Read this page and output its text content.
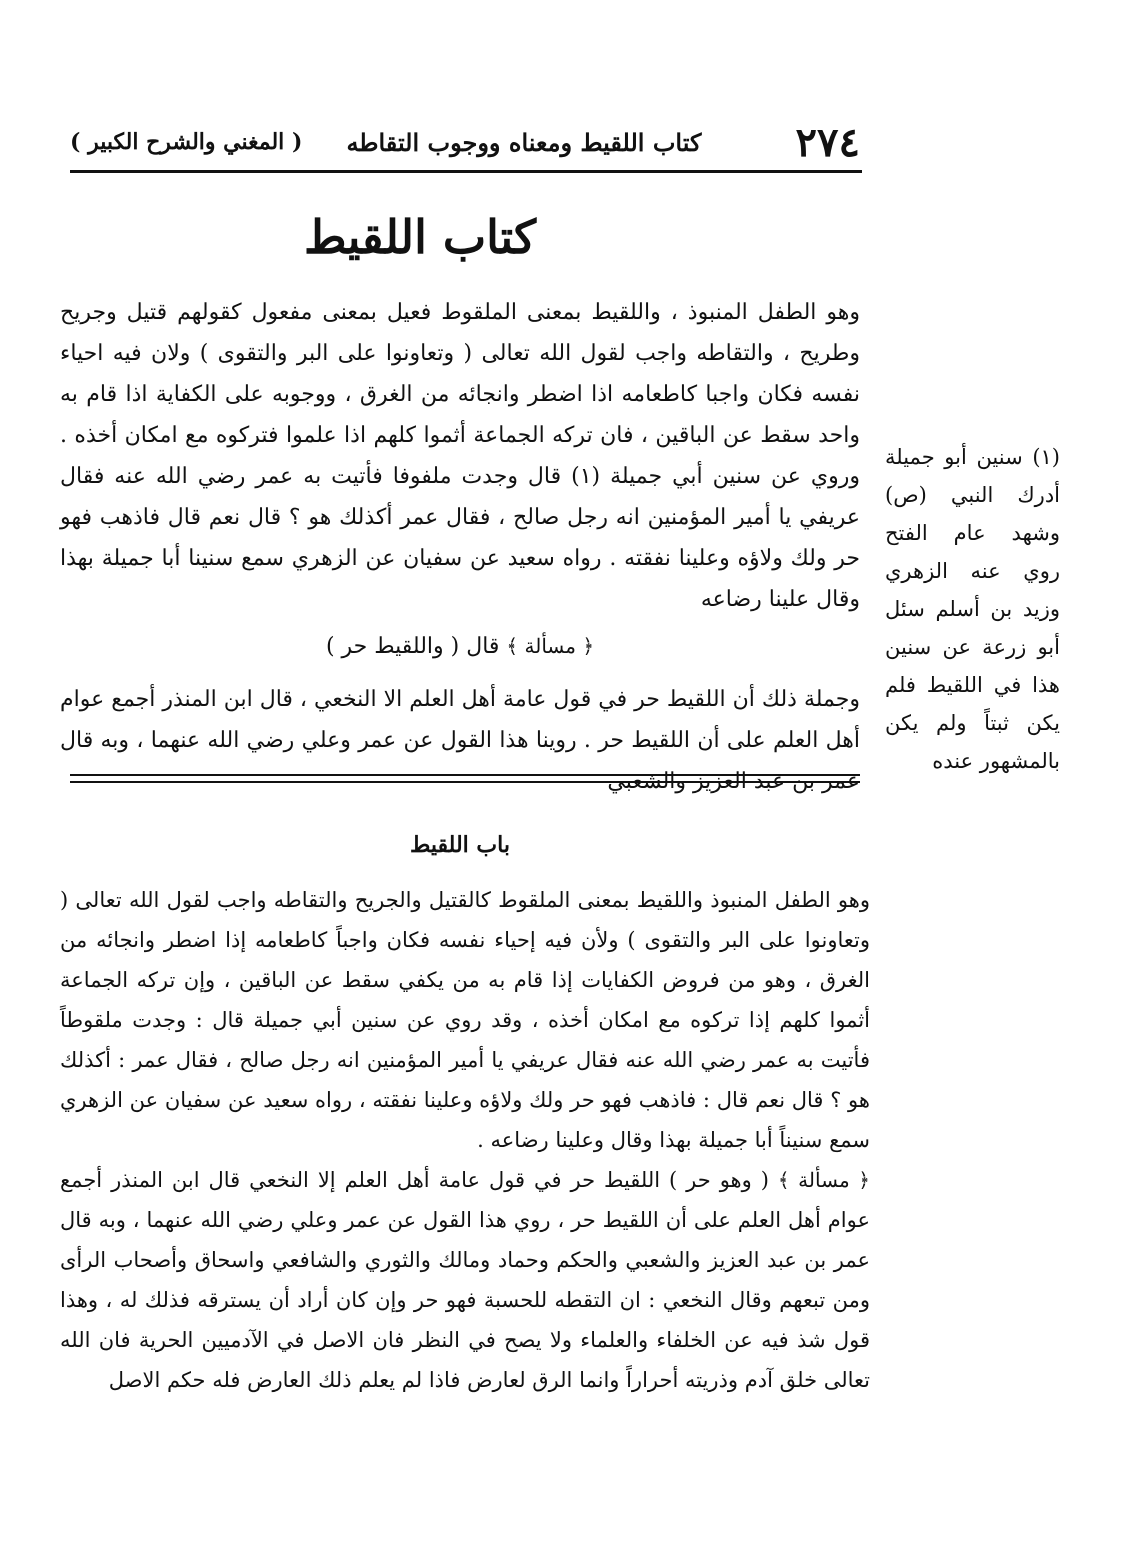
٢٧٤
كتاب اللقيط ومعناه ووجوب التقاطه
( المغني والشرح الكبير )
كتاب اللقيط

وهو الطفل المنبوذ ، واللقيط بمعنى الملقوط فعيل بمعنى مفعول كقولهم قتيل وجريح وطريح ، والتقاطه واجب لقول الله تعالى ( وتعاونوا على البر والتقوى ) ولان فيه احياء نفسه فكان واجبا كاطعامه اذا اضطر وانجائه من الغرق ، ووجوبه على الكفاية اذا قام به واحد سقط عن الباقين ، فان تركه الجماعة أثموا كلهم اذا علموا فتركوه مع امكان أخذه . وروي عن سنين أبي جميلة (١) قال وجدت ملفوفا فأتيت به عمر رضي الله عنه فقال عريفي يا أمير المؤمنين انه رجل صالح ، فقال عمر أكذلك هو ؟ قال نعم قال فاذهب فهو حر ولك ولاؤه وعلينا نفقته . رواه سعيد عن سفيان عن الزهري سمع سنينا أبا جميلة بهذا وقال علينا رضاعه

﴿ مسألة ﴾ قال ( واللقيط حر )

وجملة ذلك أن اللقيط حر في قول عامة أهل العلم الا النخعي ، قال ابن المنذر أجمع عوام أهل العلم على أن اللقيط حر . روينا هذا القول عن عمر وعلي رضي الله عنهما ، وبه قال عمر بن عبد العزيز والشعبي

(١) سنين أبو جميلة أدرك النبي (ص) وشهد عام الفتح روي عنه الزهري وزيد بن أسلم سئل أبو زرعة عن سنين هذا في اللقيط فلم يكن ثبتاً ولم يكن بالمشهور عنده
باب اللقيط

وهو الطفل المنبوذ واللقيط بمعنى الملقوط كالقتيل والجريح والتقاطه واجب لقول الله تعالى ( وتعاونوا على البر والتقوى ) ولأن فيه إحياء نفسه فكان واجباً كاطعامه إذا اضطر وانجائه من الغرق ، وهو من فروض الكفايات إذا قام به من يكفي سقط عن الباقين ، وإن تركه الجماعة أثموا كلهم إذا تركوه مع امكان أخذه ، وقد روي عن سنين أبي جميلة قال : وجدت ملقوطاً فأتيت به عمر رضي الله عنه فقال عريفي يا أمير المؤمنين انه رجل صالح ، فقال عمر : أكذلك هو ؟ قال نعم قال : فاذهب فهو حر ولك ولاؤه وعلينا نفقته ، رواه سعيد عن سفيان عن الزهري سمع سنيناً أبا جميلة بهذا وقال وعلينا رضاعه .

﴿ مسألة ﴾ ( وهو حر ) اللقيط حر في قول عامة أهل العلم إلا النخعي قال ابن المنذر أجمع عوام أهل العلم على أن اللقيط حر ، روي هذا القول عن عمر وعلي رضي الله عنهما ، وبه قال عمر بن عبد العزيز والشعبي والحكم وحماد ومالك والثوري والشافعي واسحاق وأصحاب الرأى ومن تبعهم وقال النخعي : ان التقطه للحسبة فهو حر وإن كان أراد أن يسترقه فذلك له ، وهذا قول شذ فيه عن الخلفاء والعلماء ولا يصح في النظر فان الاصل في الآدميين الحرية فان الله تعالى خلق آدم وذريته أحراراً وانما الرق لعارض فاذا لم يعلم ذلك العارض فله حكم الاصل
